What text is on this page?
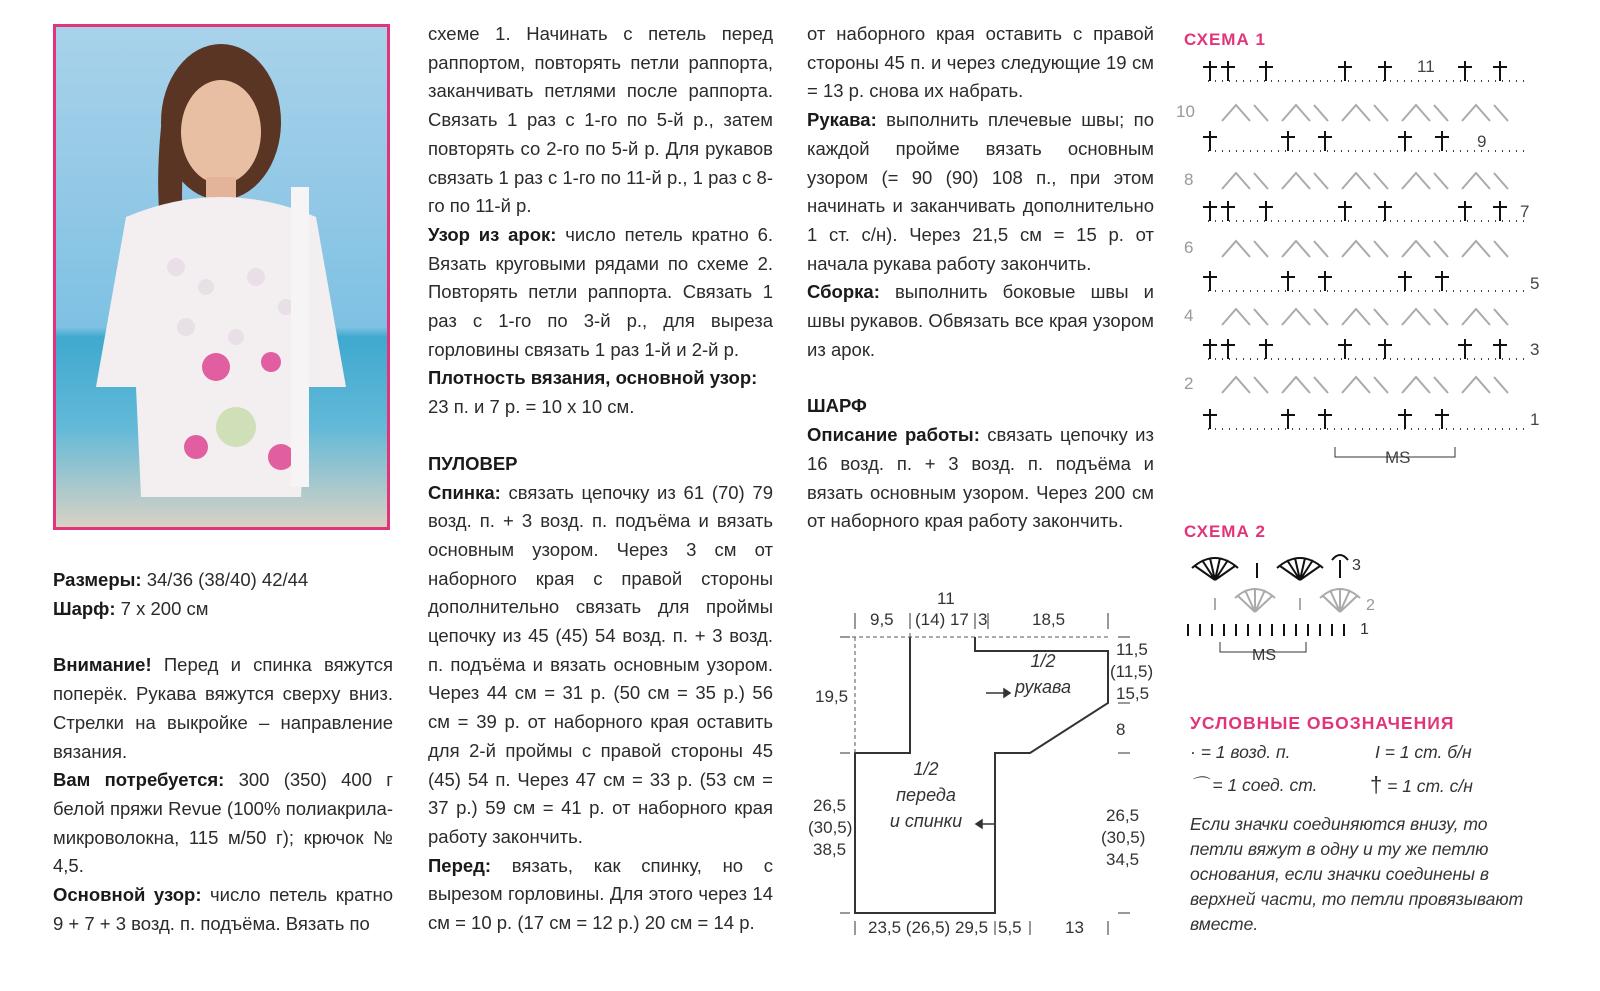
Размеры: 34/36 (38/40) 42/44

Шарф: 7 х 200 см

Внимание! Перед и спинка вяжутся поперёк. Рукава вяжутся сверху вниз. Стрелки на выкройке – направление вязания.

Вам потребуется: 300 (350) 400 г белой пряжи Revue (100% полиакрила-микроволокна, 115 м/50 г); крючок № 4,5.

Основной узор: число петель кратно 9 + 7 + 3 возд. п. подъёма. Вязать по

схеме 1. Начинать с петель перед раппортом, повторять петли раппорта, заканчивать петлями после раппорта. Связать 1 раз с 1-го по 5-й р., затем повторять со 2-го по 5-й р. Для рукавов связать 1 раз с 1-го по 11-й р., 1 раз с 8-го по 11-й р.

Узор из арок: число петель кратно 6. Вязать круговыми рядами по схеме 2. Повторять петли раппорта. Связать 1 раз с 1-го по 3-й р., для выреза горловины связать 1 раз 1-й и 2-й р.

Плотность вязания, основной узор:

23 п. и 7 р. = 10 х 10 см.

ПУЛОВЕР

Спинка: связать цепочку из 61 (70) 79 возд. п. + 3 возд. п. подъёма и вязать основным узором. Через 3 см от наборного края с правой стороны дополнительно связать для проймы цепочку из 45 (45) 54 возд. п. + 3 возд. п. подъёма и вязать основным узором. Через 44 см = 31 р. (50 см = 35 р.) 56 см = 39 р. от наборного края оставить для 2-й проймы с правой стороны 45 (45) 54 п. Через 47 см = 33 р. (53 см = 37 р.) 59 см = 41 р. от наборного края работу закончить.

Перед: вязать, как спинку, но с вырезом горловины. Для этого через 14 см = 10 р. (17 см = 12 р.) 20 см = 14 р.

от наборного края оставить с правой стороны 45 п. и через следующие 19 см = 13 р. снова их набрать.

Рукава: выполнить плечевые швы; по каждой пройме вязать основным узором (= 90 (90) 108 п., при этом начинать и заканчивать дополнительно 1 ст. с/н). Через 21,5 см = 15 р. от начала рукава работу закончить.

Сборка: выполнить боковые швы и швы рукавов. Обвязать все края узором из арок.

ШАРФ

Описание работы: связать цепочку из 16 возд. п. + 3 возд. п. подъёма и вязать основным узором. Через 200 см от наборного края работу закончить.

11
9,5 (14) 17 3	18,5
11,5
(11,5)
15,5
8
19,5
26,5
(30,5)
38,5
26,5
(30,5)
34,5
23,5 (26,5) 29,5 5,5	13
1/2
рукава
1/2
переда
и спинки
СХЕМА 1
11
9
7
5
3
1
10
8
6
4
2
MS
СХЕМА 2
3
2
1
MS
УСЛОВНЫЕ ОБОЗНАЧЕНИЯ
· = 1 возд. п.	Ι = 1 ст. б/н
⌒ = 1 соед. ст. † = 1 ст. с/н
Если значки соединяются внизу, то петли вяжут в одну и ту же петлю основания, если значки соединены в верхней части, то петли провязывают вместе.
